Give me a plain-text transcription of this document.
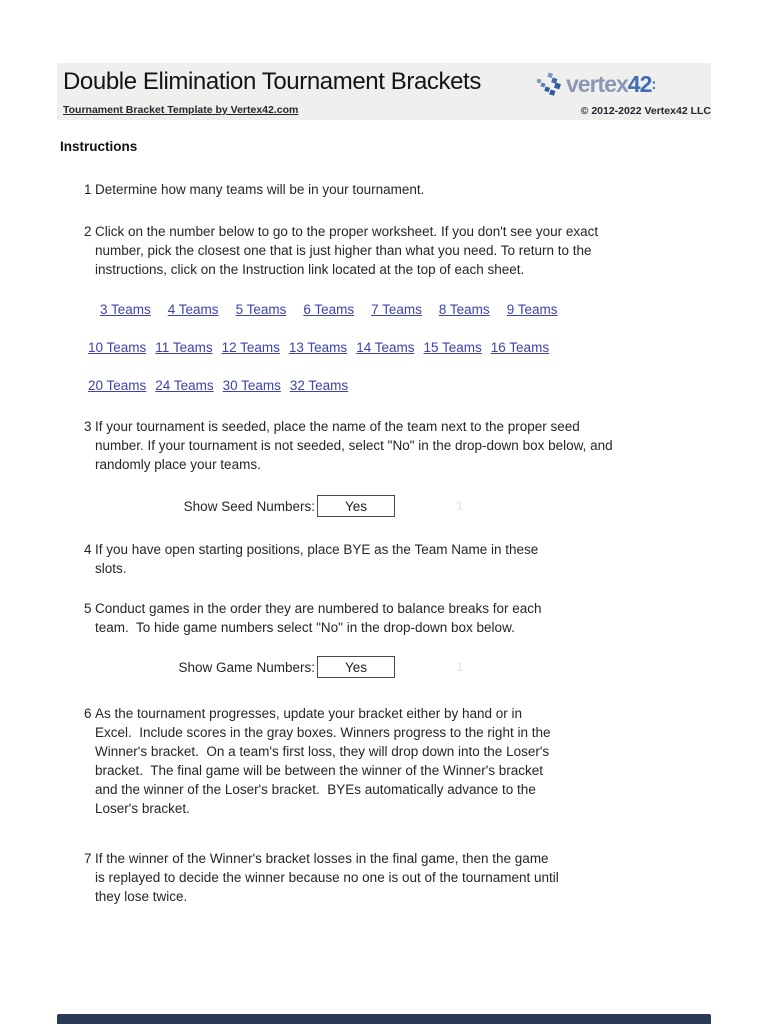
Double Elimination Tournament Brackets	vertex 42 :
Tournament Bracket Template by Vertex42.com	© 2012-2022 Vertex42 LLC
Instructions
1 Determine how many teams will be in your tournament.
2 Click on the number below to go to the proper worksheet. If you don't see your exact
number, pick the closest one that is just higher than what you need. To return to the
instructions, click on the Instruction link located at the top of each sheet.
3 If your tournament is seeded, place the name of the team next to the proper seed
number. If your tournament is not seeded, select "No" in the drop-down box below, and
randomly place your teams.
4 If you have open starting positions, place BYE as the Team Name in these
slots.
5 Conduct games in the order they are numbered to balance breaks for each
team.  To hide game numbers select "No" in the drop-down box below.
6 As the tournament progresses, update your bracket either by hand or in
Excel.  Include scores in the gray boxes. Winners progress to the right in the
Winner's bracket.  On a team's first loss, they will drop down into the Loser's
bracket.  The final game will be between the winner of the Winner's bracket
and the winner of the Loser's bracket.  BYEs automatically advance to the
Loser's bracket.
7 If the winner of the Winner's bracket losses in the final game, then the game
is replayed to decide the winner because no one is out of the tournament until
they lose twice.
3 Teams 4 Teams 5 Teams 6 Teams 7 Teams 8 Teams 9 Teams
10 Teams 11 Teams 12 Teams 13 Teams 14 Teams 15 Teams 16 Teams
20 Teams 24 Teams 30 Teams 32 Teams
Show Seed Numbers:	Yes	1
Show Game Numbers:	Yes	1
